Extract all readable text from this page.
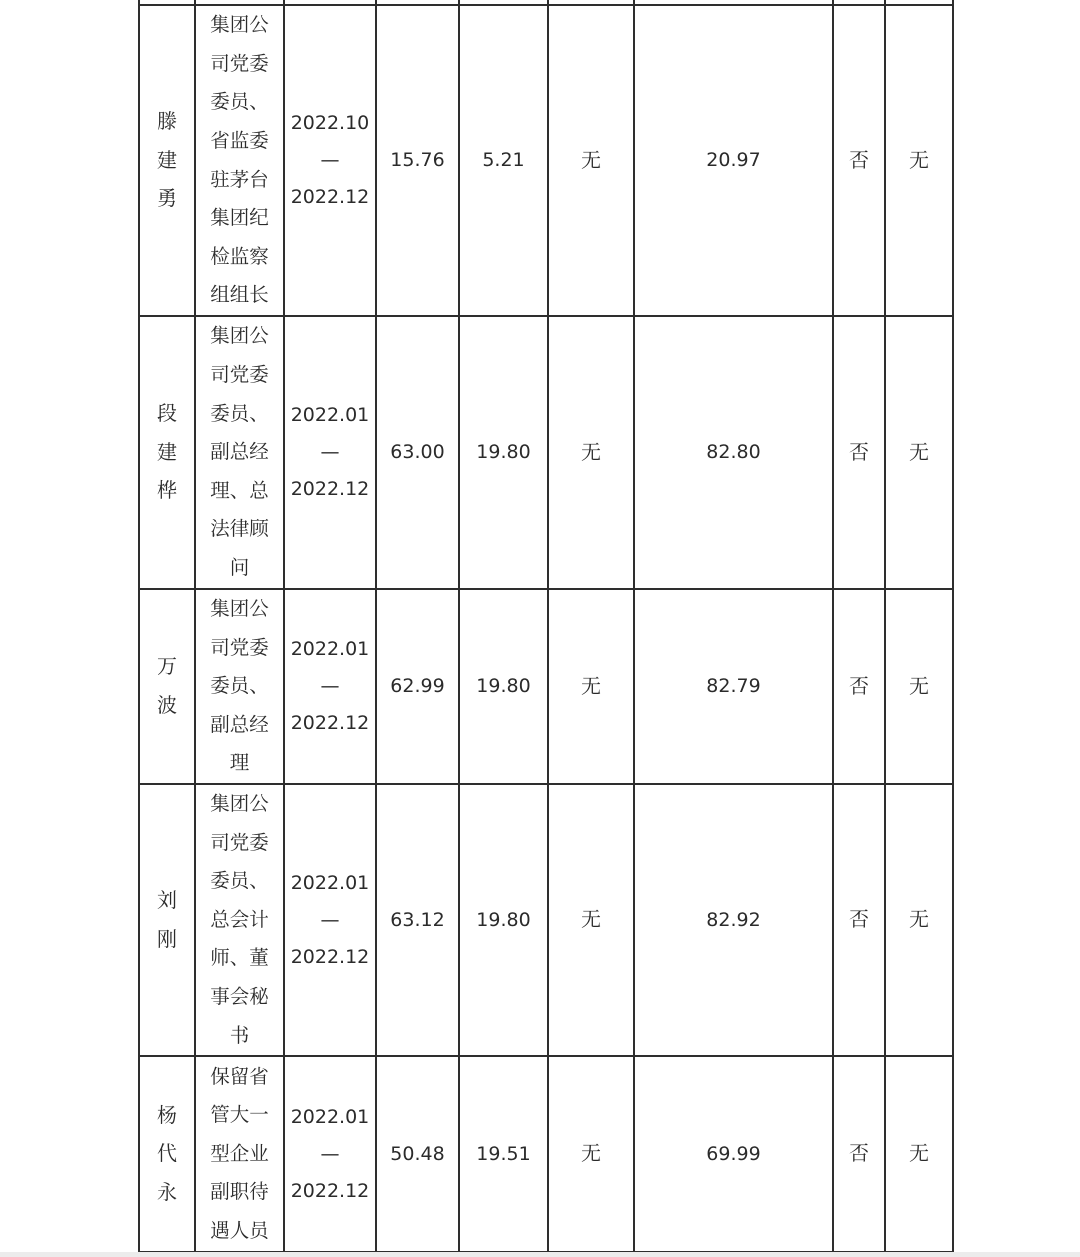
滕建勇	集团公司党委委员、省监委驻茅台集团纪检监察组组长	2022.10
—
2022.12	15.76	5.21	无	20.97	否	无
段建桦	集团公司党委委员、副总经理、总法律顾问	2022.01
—
2022.12	63.00	19.80	无	82.80	否	无
万波	集团公司党委委员、副总经理	2022.01
—
2022.12	62.99	19.80	无	82.79	否	无
刘刚	集团公司党委委员、总会计师、董事会秘书	2022.01
—
2022.12	63.12	19.80	无	82.92	否	无
杨代永	保留省管大一型企业副职待遇人员	2022.01
—
2022.12	50.48	19.51	无	69.99	否	无
